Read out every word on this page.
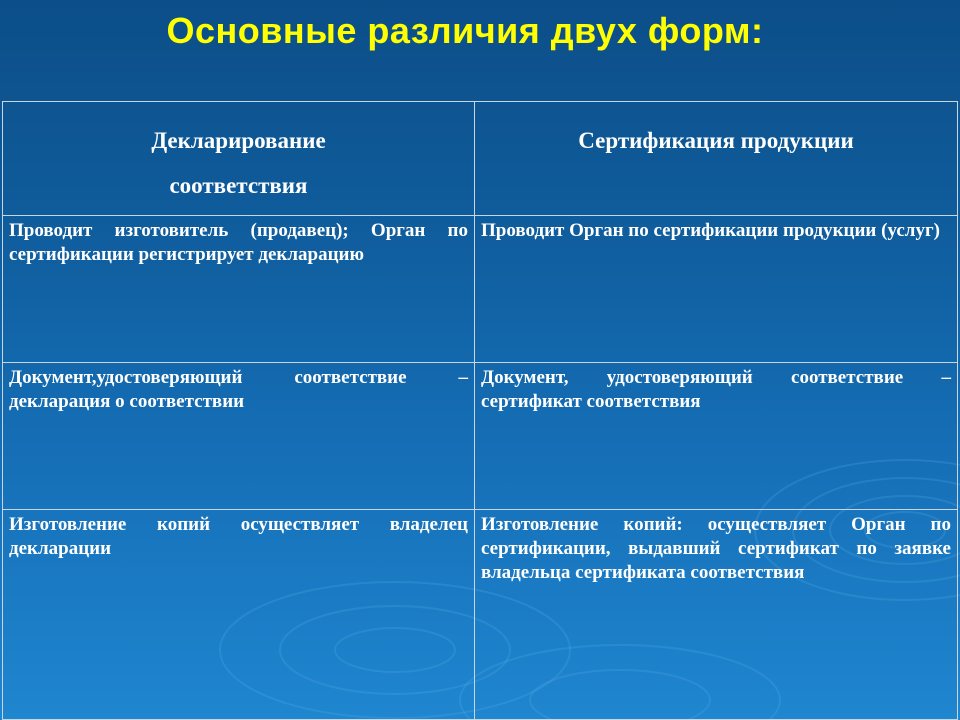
Основные различия двух форм:
Декларирование
соответствия	Сертификация продукции
Проводит изготовитель (продавец); Орган по сертификации регистрирует декларацию	Проводит Орган по сертификации продукции (услуг)
Документ,удостоверяющий соответствие – декларация о соответствии	Документ, удостоверяющий соответствие – сертификат соответствия
Изготовление копий осуществляет владелец декларации	Изготовление копий: осуществляет Орган по сертификации, выдавший сертификат по заявке владельца сертификата соответствия
